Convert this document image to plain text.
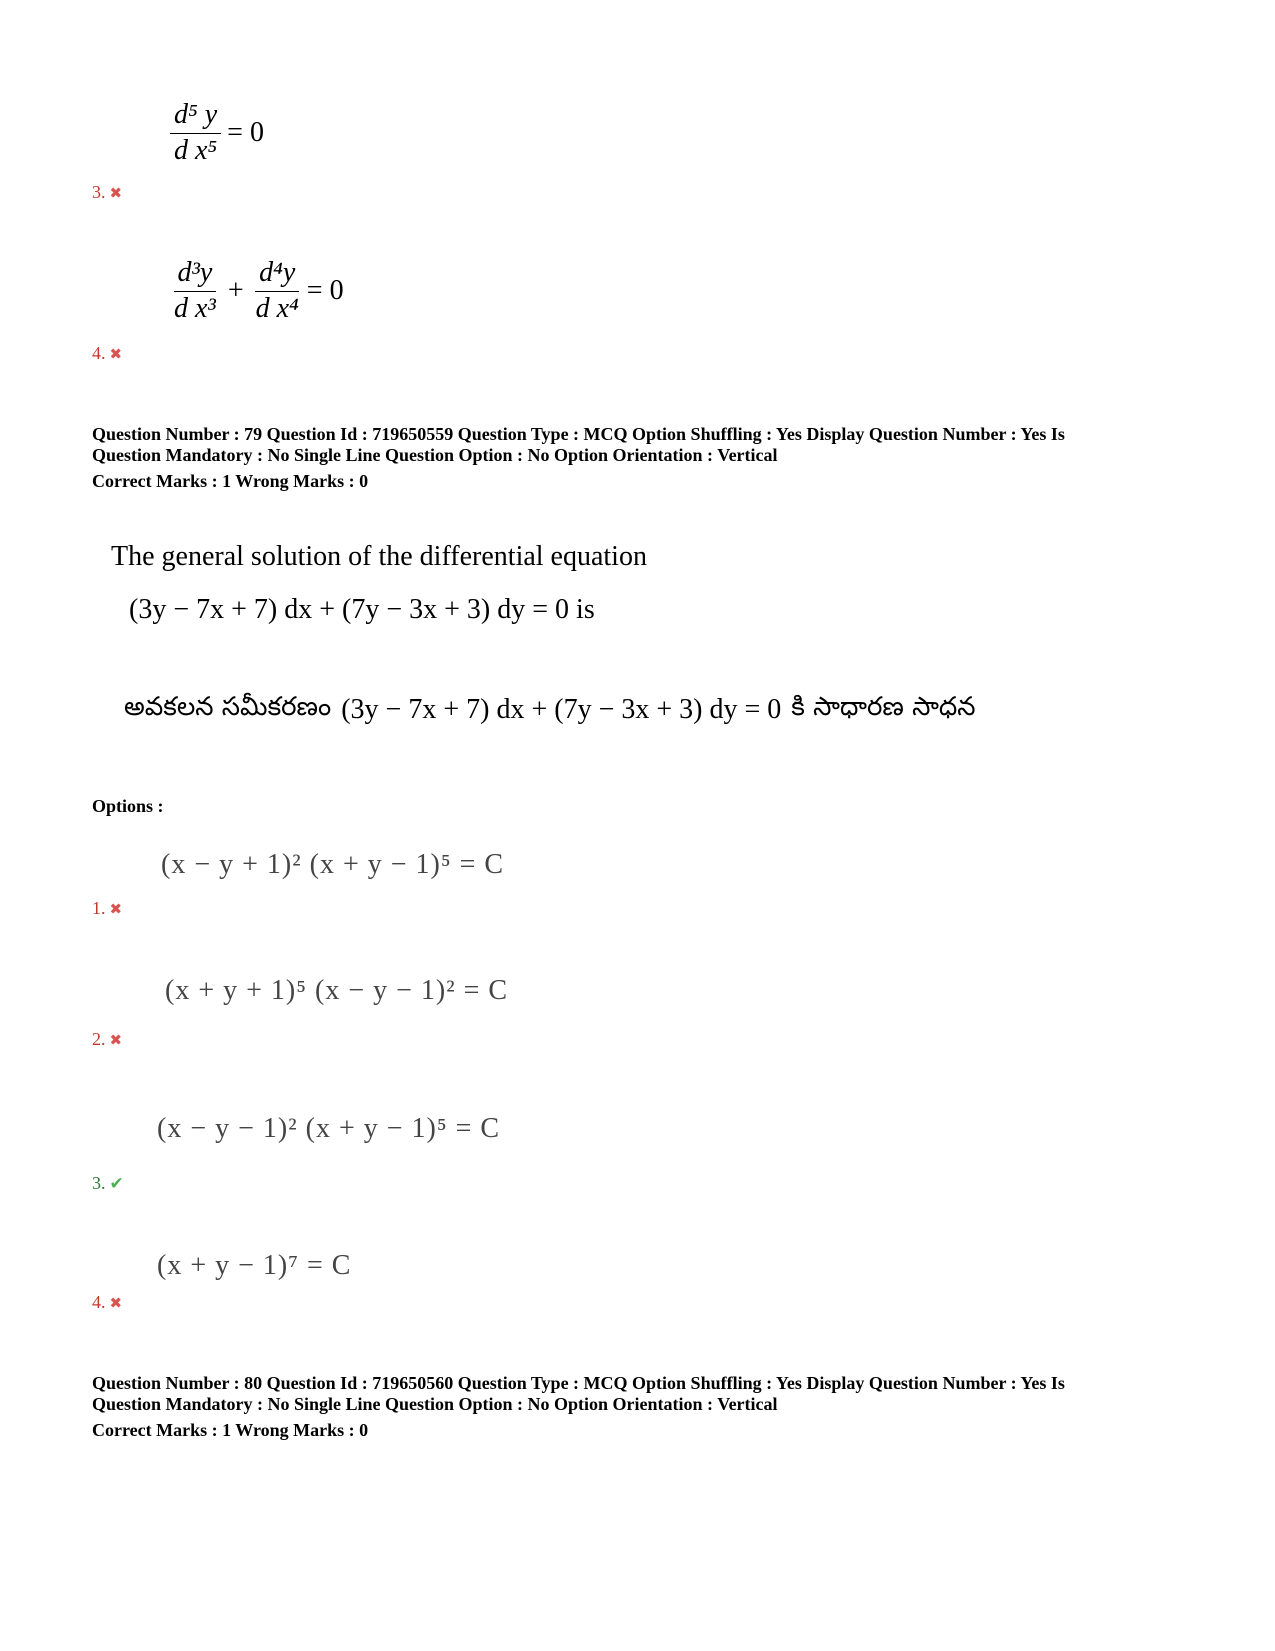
$\frac{\text{d⁵ y}}{\text{d x⁵}} = 0$
3. ✖
$\frac{\text{d³y}}{\text{d x³}} + \frac{\text{d⁴y}}{\text{d x⁴}} = 0$
4. ✖
Question Number : 79 Question Id : 719650559 Question Type : MCQ Option Shuffling : Yes Display Question Number : Yes Is
Question Mandatory : No Single Line Question Option : No Option Orientation : Vertical
Correct Marks : 1 Wrong Marks : 0
The general solution of the differential equation
(3y − 7x + 7) dx + (7y − 3x + 3) dy = 0 is
అవకలన సమీకరణం (3y − 7x + 7) dx + (7y − 3x + 3) dy = 0 కి సాధారణ సాధన
Options :
(x − y + 1)² (x + y − 1)⁵ = C
1. ✖
(x + y + 1)⁵ (x − y − 1)² = C
2. ✖
(x − y − 1)² (x + y − 1)⁵ = C
3. ✔
(x + y − 1)⁷ = C
4. ✖
Question Number : 80 Question Id : 719650560 Question Type : MCQ Option Shuffling : Yes Display Question Number : Yes Is
Question Mandatory : No Single Line Question Option : No Option Orientation : Vertical
Correct Marks : 1 Wrong Marks : 0
